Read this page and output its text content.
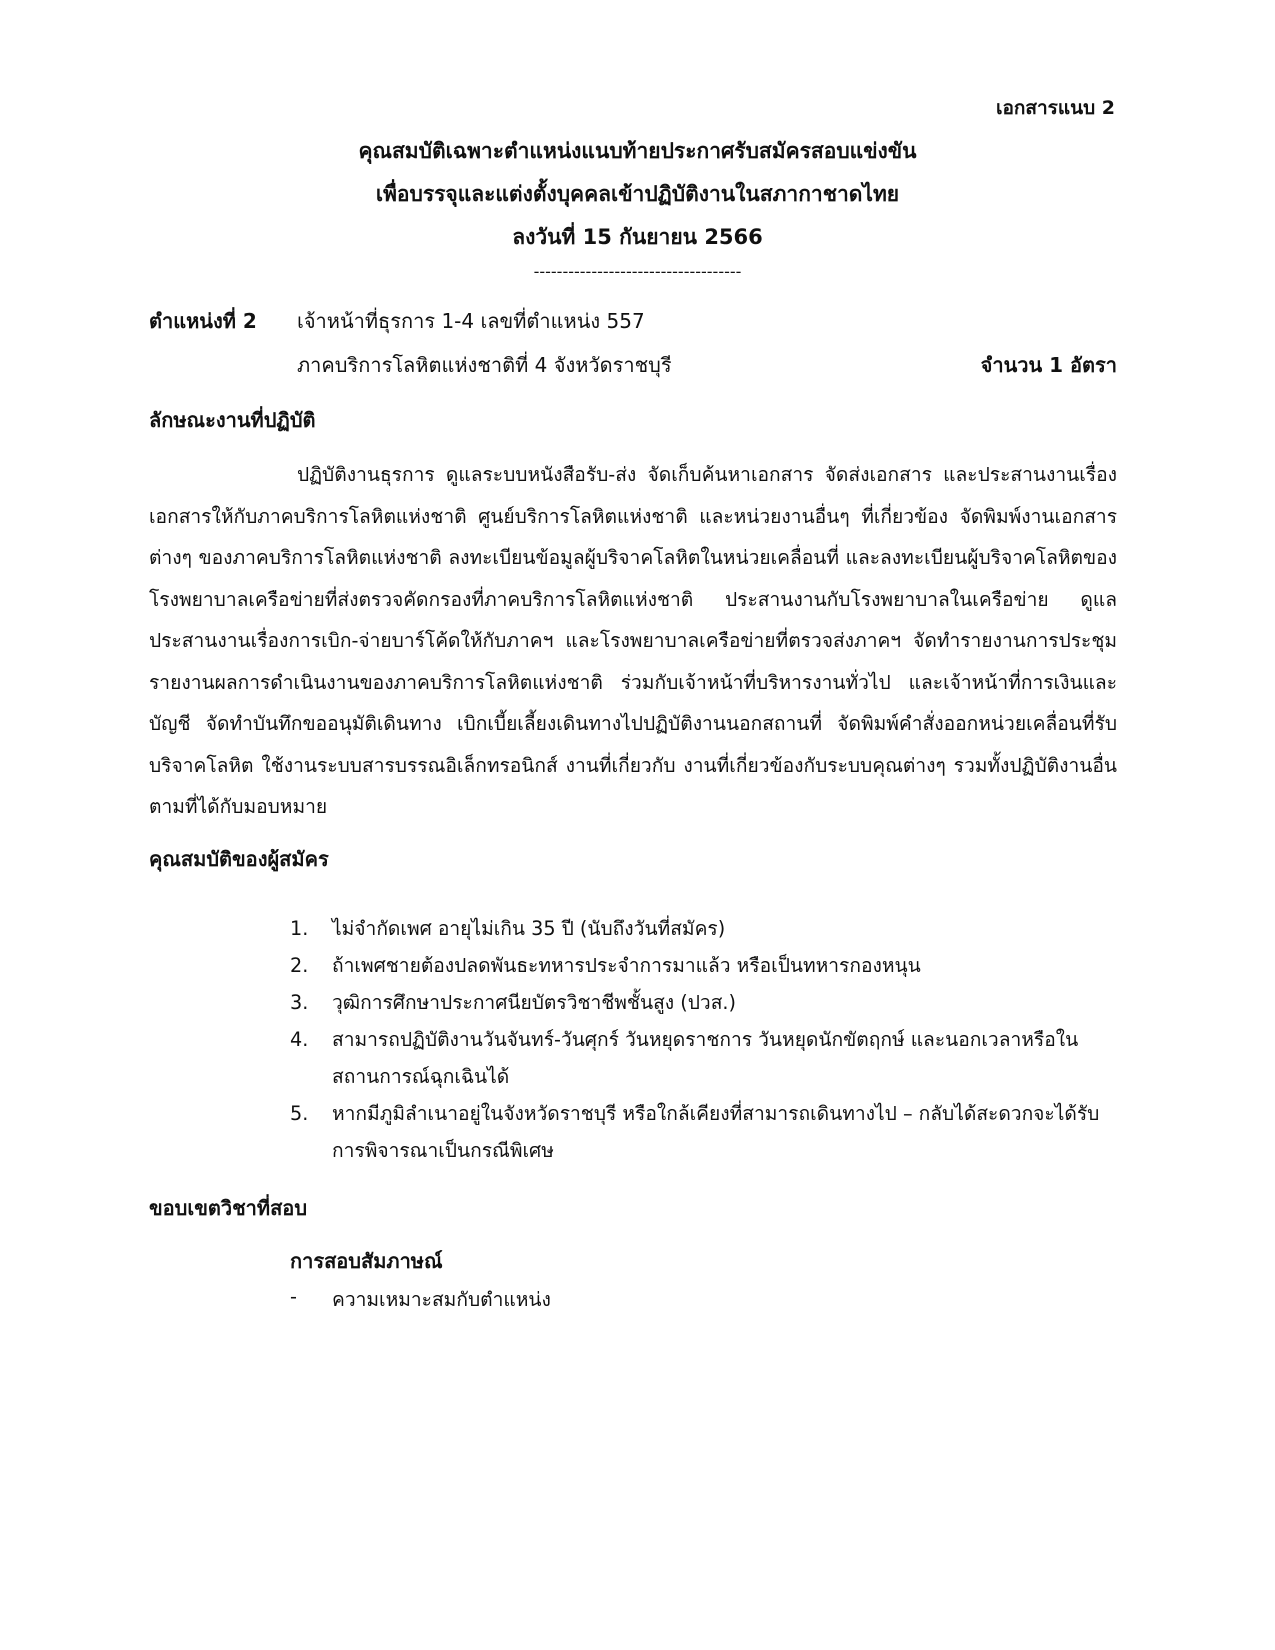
เอกสารแนบ 2
คุณสมบัติเฉพาะตำแหน่งแนบท้ายประกาศรับสมัครสอบแข่งขัน
เพื่อบรรจุและแต่งตั้งบุคคลเข้าปฏิบัติงานในสภากาชาดไทย
ลงวันที่ 15 กันยายน 2566
------------------------------------
ตำแหน่งที่ 2 เจ้าหน้าที่ธุรการ 1-4 เลขที่ตำแหน่ง 557
ภาคบริการโลหิตแห่งชาติที่ 4 จังหวัดราชบุรี	จำนวน 1 อัตรา
ลักษณะงานที่ปฏิบัติ

ปฏิบัติงานธุรการ ดูแลระบบหนังสือรับ-ส่ง จัดเก็บค้นหาเอกสาร จัดส่งเอกสาร และประสานงานเรื่องเอกสารให้กับภาคบริการโลหิตแห่งชาติ ศูนย์บริการโลหิตแห่งชาติ และหน่วยงานอื่นๆ ที่เกี่ยวข้อง จัดพิมพ์งานเอกสารต่างๆ ของภาคบริการโลหิตแห่งชาติ ลงทะเบียนข้อมูลผู้บริจาคโลหิตในหน่วยเคลื่อนที่ และลงทะเบียนผู้บริจาคโลหิตของโรงพยาบาลเครือข่ายที่ส่งตรวจคัดกรองที่ภาคบริการโลหิตแห่งชาติ ประสานงานกับโรงพยาบาลในเครือข่าย ดูแลประสานงานเรื่องการเบิก-จ่ายบาร์โค้ดให้กับภาคฯ และโรงพยาบาลเครือข่ายที่ตรวจส่งภาคฯ จัดทำรายงานการประชุม รายงานผลการดำเนินงานของภาคบริการโลหิตแห่งชาติ ร่วมกับเจ้าหน้าที่บริหารงานทั่วไป และเจ้าหน้าที่การเงินและบัญชี จัดทำบันทึกขออนุมัติเดินทาง เบิกเบี้ยเลี้ยงเดินทางไปปฏิบัติงานนอกสถานที่ จัดพิมพ์คำสั่งออกหน่วยเคลื่อนที่รับบริจาคโลหิต ใช้งานระบบสารบรรณอิเล็กทรอนิกส์ งานที่เกี่ยวกับ งานที่เกี่ยวข้องกับระบบคุณต่างๆ รวมทั้งปฏิบัติงานอื่น ตามที่ได้กับมอบหมาย

คุณสมบัติของผู้สมัคร
1. ไม่จำกัดเพศ อายุไม่เกิน 35 ปี (นับถึงวันที่สมัคร)
2. ถ้าเพศชายต้องปลดพันธะทหารประจำการมาแล้ว หรือเป็นทหารกองหนุน
3. วุฒิการศึกษาประกาศนียบัตรวิชาชีพชั้นสูง (ปวส.)
4. สามารถปฏิบัติงานวันจันทร์-วันศุกร์ วันหยุดราชการ วันหยุดนักขัตฤกษ์ และนอกเวลาหรือในสถานการณ์ฉุกเฉินได้
5. หากมีภูมิลำเนาอยู่ในจังหวัดราชบุรี หรือใกล้เคียงที่สามารถเดินทางไป – กลับได้สะดวกจะได้รับการพิจารณาเป็นกรณีพิเศษ
ขอบเขตวิชาที่สอบ
การสอบสัมภาษณ์
- ความเหมาะสมกับตำแหน่ง
